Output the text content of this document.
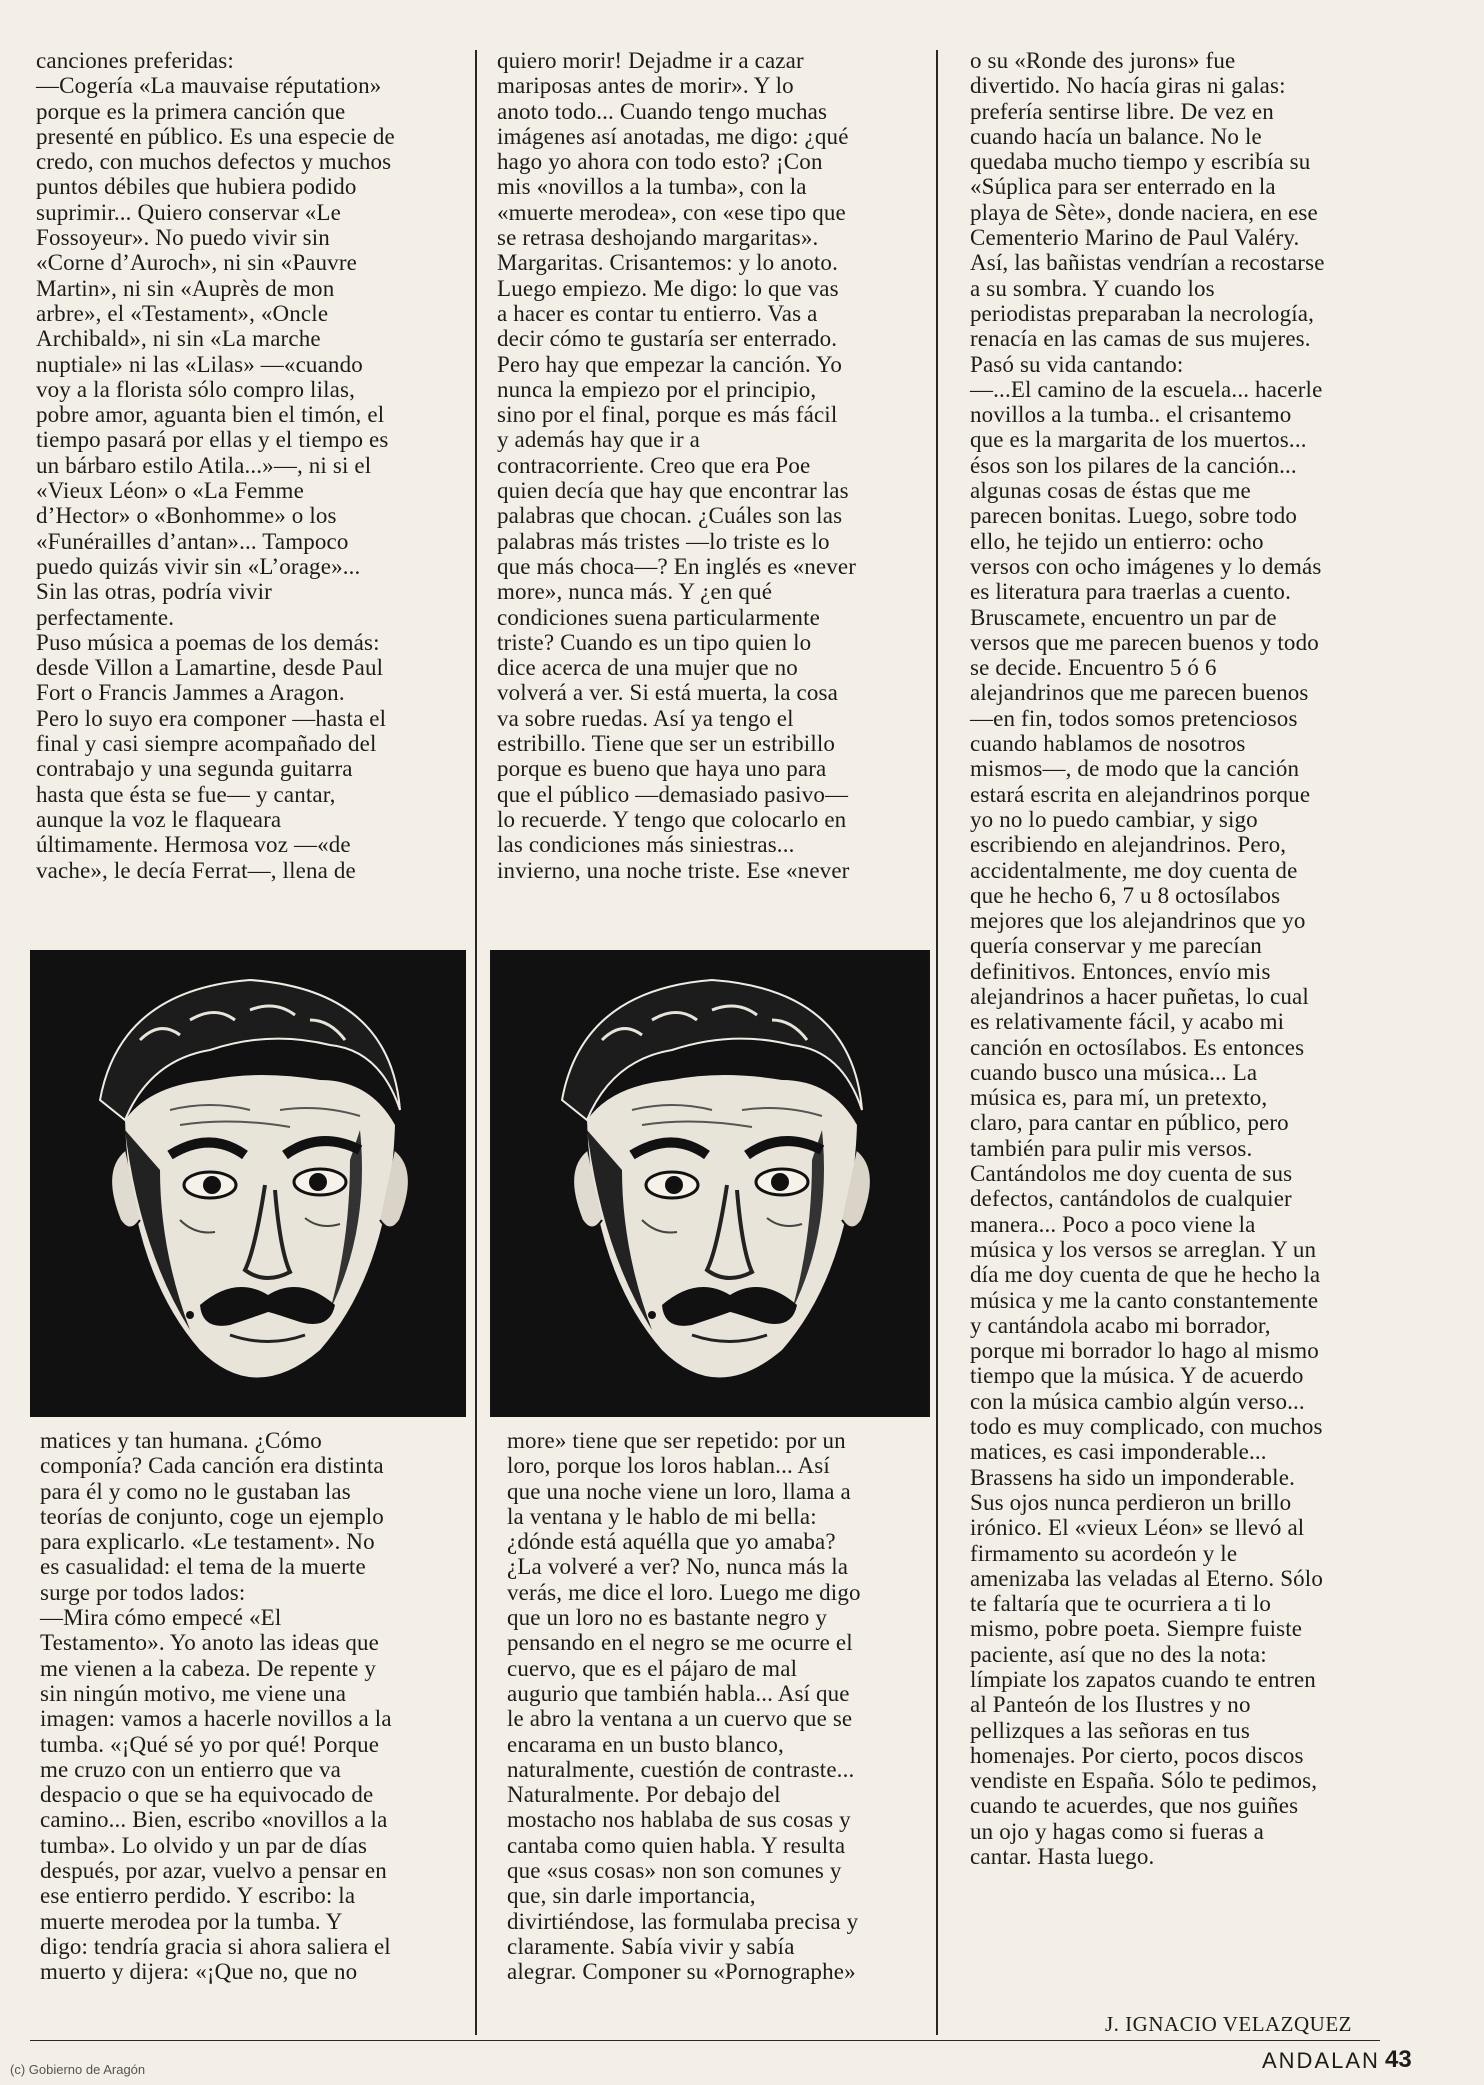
canciones preferidas:
—Cogería «La mauvaise réputation»
porque es la primera canción que
presenté en público. Es una especie de
credo, con muchos defectos y muchos
puntos débiles que hubiera podido
suprimir... Quiero conservar «Le
Fossoyeur». No puedo vivir sin
«Corne d’Auroch», ni sin «Pauvre
Martin», ni sin «Auprès de mon
arbre», el «Testament», «Oncle
Archibald», ni sin «La marche
nuptiale» ni las «Lilas» —«cuando
voy a la florista sólo compro lilas,
pobre amor, aguanta bien el timón, el
tiempo pasará por ellas y el tiempo es
un bárbaro estilo Atila...»—, ni si el
«Vieux Léon» o «La Femme
d’Hector» o «Bonhomme» o los
«Funérailles d’antan»... Tampoco
puedo quizás vivir sin «L’orage»...
Sin las otras, podría vivir
perfectamente.
Puso música a poemas de los demás:
desde Villon a Lamartine, desde Paul
Fort o Francis Jammes a Aragon.
Pero lo suyo era componer —hasta el
final y casi siempre acompañado del
contrabajo y una segunda guitarra
hasta que ésta se fue— y cantar,
aunque la voz le flaqueara
últimamente. Hermosa voz —«de
vache», le decía Ferrat—, llena de

matices y tan humana. ¿Cómo
componía? Cada canción era distinta
para él y como no le gustaban las
teorías de conjunto, coge un ejemplo
para explicarlo. «Le testament». No
es casualidad: el tema de la muerte
surge por todos lados:
—Mira cómo empecé «El
Testamento». Yo anoto las ideas que
me vienen a la cabeza. De repente y
sin ningún motivo, me viene una
imagen: vamos a hacerle novillos a la
tumba. «¡Qué sé yo por qué! Porque
me cruzo con un entierro que va
despacio o que se ha equivocado de
camino... Bien, escribo «novillos a la
tumba». Lo olvido y un par de días
después, por azar, vuelvo a pensar en
ese entierro perdido. Y escribo: la
muerte merodea por la tumba. Y
digo: tendría gracia si ahora saliera el
muerto y dijera: «¡Que no, que no

quiero morir! Dejadme ir a cazar
mariposas antes de morir». Y lo
anoto todo... Cuando tengo muchas
imágenes así anotadas, me digo: ¿qué
hago yo ahora con todo esto? ¡Con
mis «novillos a la tumba», con la
«muerte merodea», con «ese tipo que
se retrasa deshojando margaritas».
Margaritas. Crisantemos: y lo anoto.
Luego empiezo. Me digo: lo que vas
a hacer es contar tu entierro. Vas a
decir cómo te gustaría ser enterrado.
Pero hay que empezar la canción. Yo
nunca la empiezo por el principio,
sino por el final, porque es más fácil
y además hay que ir a
contracorriente. Creo que era Poe
quien decía que hay que encontrar las
palabras que chocan. ¿Cuáles son las
palabras más tristes —lo triste es lo
que más choca—? En inglés es «never
more», nunca más. Y ¿en qué
condiciones suena particularmente
triste? Cuando es un tipo quien lo
dice acerca de una mujer que no
volverá a ver. Si está muerta, la cosa
va sobre ruedas. Así ya tengo el
estribillo. Tiene que ser un estribillo
porque es bueno que haya uno para
que el público —demasiado pasivo—
lo recuerde. Y tengo que colocarlo en
las condiciones más siniestras...
invierno, una noche triste. Ese «never

more» tiene que ser repetido: por un
loro, porque los loros hablan... Así
que una noche viene un loro, llama a
la ventana y le hablo de mi bella:
¿dónde está aquélla que yo amaba?
¿La volveré a ver? No, nunca más la
verás, me dice el loro. Luego me digo
que un loro no es bastante negro y
pensando en el negro se me ocurre el
cuervo, que es el pájaro de mal
augurio que también habla... Así que
le abro la ventana a un cuervo que se
encarama en un busto blanco,
naturalmente, cuestión de contraste...
Naturalmente. Por debajo del
mostacho nos hablaba de sus cosas y
cantaba como quien habla. Y resulta
que «sus cosas» non son comunes y
que, sin darle importancia,
divirtiéndose, las formulaba precisa y
claramente. Sabía vivir y sabía
alegrar. Componer su «Pornographe»

o su «Ronde des jurons» fue
divertido. No hacía giras ni galas:
prefería sentirse libre. De vez en
cuando hacía un balance. No le
quedaba mucho tiempo y escribía su
«Súplica para ser enterrado en la
playa de Sète», donde naciera, en ese
Cementerio Marino de Paul Valéry.
Así, las bañistas vendrían a recostarse
a su sombra. Y cuando los
periodistas preparaban la necrología,
renacía en las camas de sus mujeres.
Pasó su vida cantando:
—...El camino de la escuela... hacerle
novillos a la tumba.. el crisantemo
que es la margarita de los muertos...
ésos son los pilares de la canción...
algunas cosas de éstas que me
parecen bonitas. Luego, sobre todo
ello, he tejido un entierro: ocho
versos con ocho imágenes y lo demás
es literatura para traerlas a cuento.
Bruscamete, encuentro un par de
versos que me parecen buenos y todo
se decide. Encuentro 5 ó 6
alejandrinos que me parecen buenos
—en fin, todos somos pretenciosos
cuando hablamos de nosotros
mismos—, de modo que la canción
estará escrita en alejandrinos porque
yo no lo puedo cambiar, y sigo
escribiendo en alejandrinos. Pero,
accidentalmente, me doy cuenta de
que he hecho 6, 7 u 8 octosílabos
mejores que los alejandrinos que yo
quería conservar y me parecían
definitivos. Entonces, envío mis
alejandrinos a hacer puñetas, lo cual
es relativamente fácil, y acabo mi
canción en octosílabos. Es entonces
cuando busco una música... La
música es, para mí, un pretexto,
claro, para cantar en público, pero
también para pulir mis versos.
Cantándolos me doy cuenta de sus
defectos, cantándolos de cualquier
manera... Poco a poco viene la
música y los versos se arreglan. Y un
día me doy cuenta de que he hecho la
música y me la canto constantemente
y cantándola acabo mi borrador,
porque mi borrador lo hago al mismo
tiempo que la música. Y de acuerdo
con la música cambio algún verso...
todo es muy complicado, con muchos
matices, es casi imponderable...
Brassens ha sido un imponderable.
Sus ojos nunca perdieron un brillo
irónico. El «vieux Léon» se llevó al
firmamento su acordeón y le
amenizaba las veladas al Eterno. Sólo
te faltaría que te ocurriera a ti lo
mismo, pobre poeta. Siempre fuiste
paciente, así que no des la nota:
límpiate los zapatos cuando te entren
al Panteón de los Ilustres y no
pellizques a las señoras en tus
homenajes. Por cierto, pocos discos
vendiste en España. Sólo te pedimos,
cuando te acuerdes, que nos guiñes
un ojo y hagas como si fueras a
cantar. Hasta luego.

J. IGNACIO VELAZQUEZ
(c) Gobierno de Aragón	ANDALAN 43
